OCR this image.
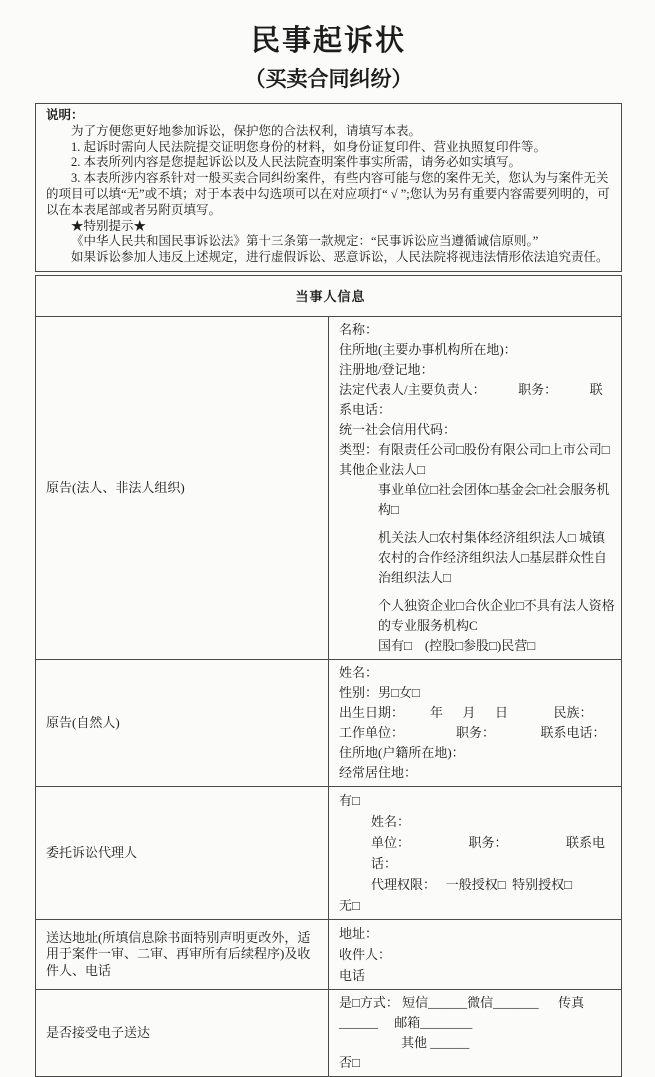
民事起诉状
（买卖合同纠纷）
说明：

为了方便您更好地参加诉讼，保护您的合法权利，请填写本表。

1. 起诉时需向人民法院提交证明您身份的材料，如身份证复印件、营业执照复印件等。

2. 本表所列内容是您提起诉讼以及人民法院查明案件事实所需，请务必如实填写。

3. 本表所涉内容系针对一般买卖合同纠纷案件，有些内容可能与您的案件无关，您认为与案件无关的项目可以填“无”或不填；对于本表中勾选项可以在对应项打“ √ ”;您认为另有重要内容需要列明的，可以在本表尾部或者另附页填写。

★特别提示★

《中华人民共和国民事诉讼法》第十三条第一款规定：“民事诉讼应当遵循诚信原则。”

如果诉讼参加人违反上述规定，进行虚假诉讼、恶意诉讼，人民法院将视违法情形依法追究责任。

当事人信息	
原告(法人、非法人组织)	
名称：
住所地(主要办事机构所在地)：
注册地/登记地：
法定代表人/主要负责人：          职务：          联系电话：
统一社会信用代码：
类型：有限责任公司□股份有限公司□上市公司□其他企业法人□
事业单位□社会团体□基金会□社会服务机构□
机关法人□农村集体经济组织法人□ 城镇农村的合作经济组织法人□基层群众性自治组织法人□
个人独资企业□合伙企业□不具有法人资格的专业服务机构C
国有□　(控股□参股□)民营□

原告(自然人)	
姓名：
性别：男□女□
出生日期：        年      月      日              民族：
工作单位：                职务：              联系电话：
住所地(户籍所在地)：
经常居住地：

委托诉讼代理人	有□
姓名：
单位：                  职务：                  联系电话：
代理权限：   一般授权□  特别授权□
无□

送达地址(所填信息除书面特别声明更改外，适用于案件一审、二审、再审所有后续程序)及收件人、电话	地址：
收件人：
电话

是否接受电子送达	是□方式： 短信______微信_______      传真______     邮箱________
其他 ______
否□
